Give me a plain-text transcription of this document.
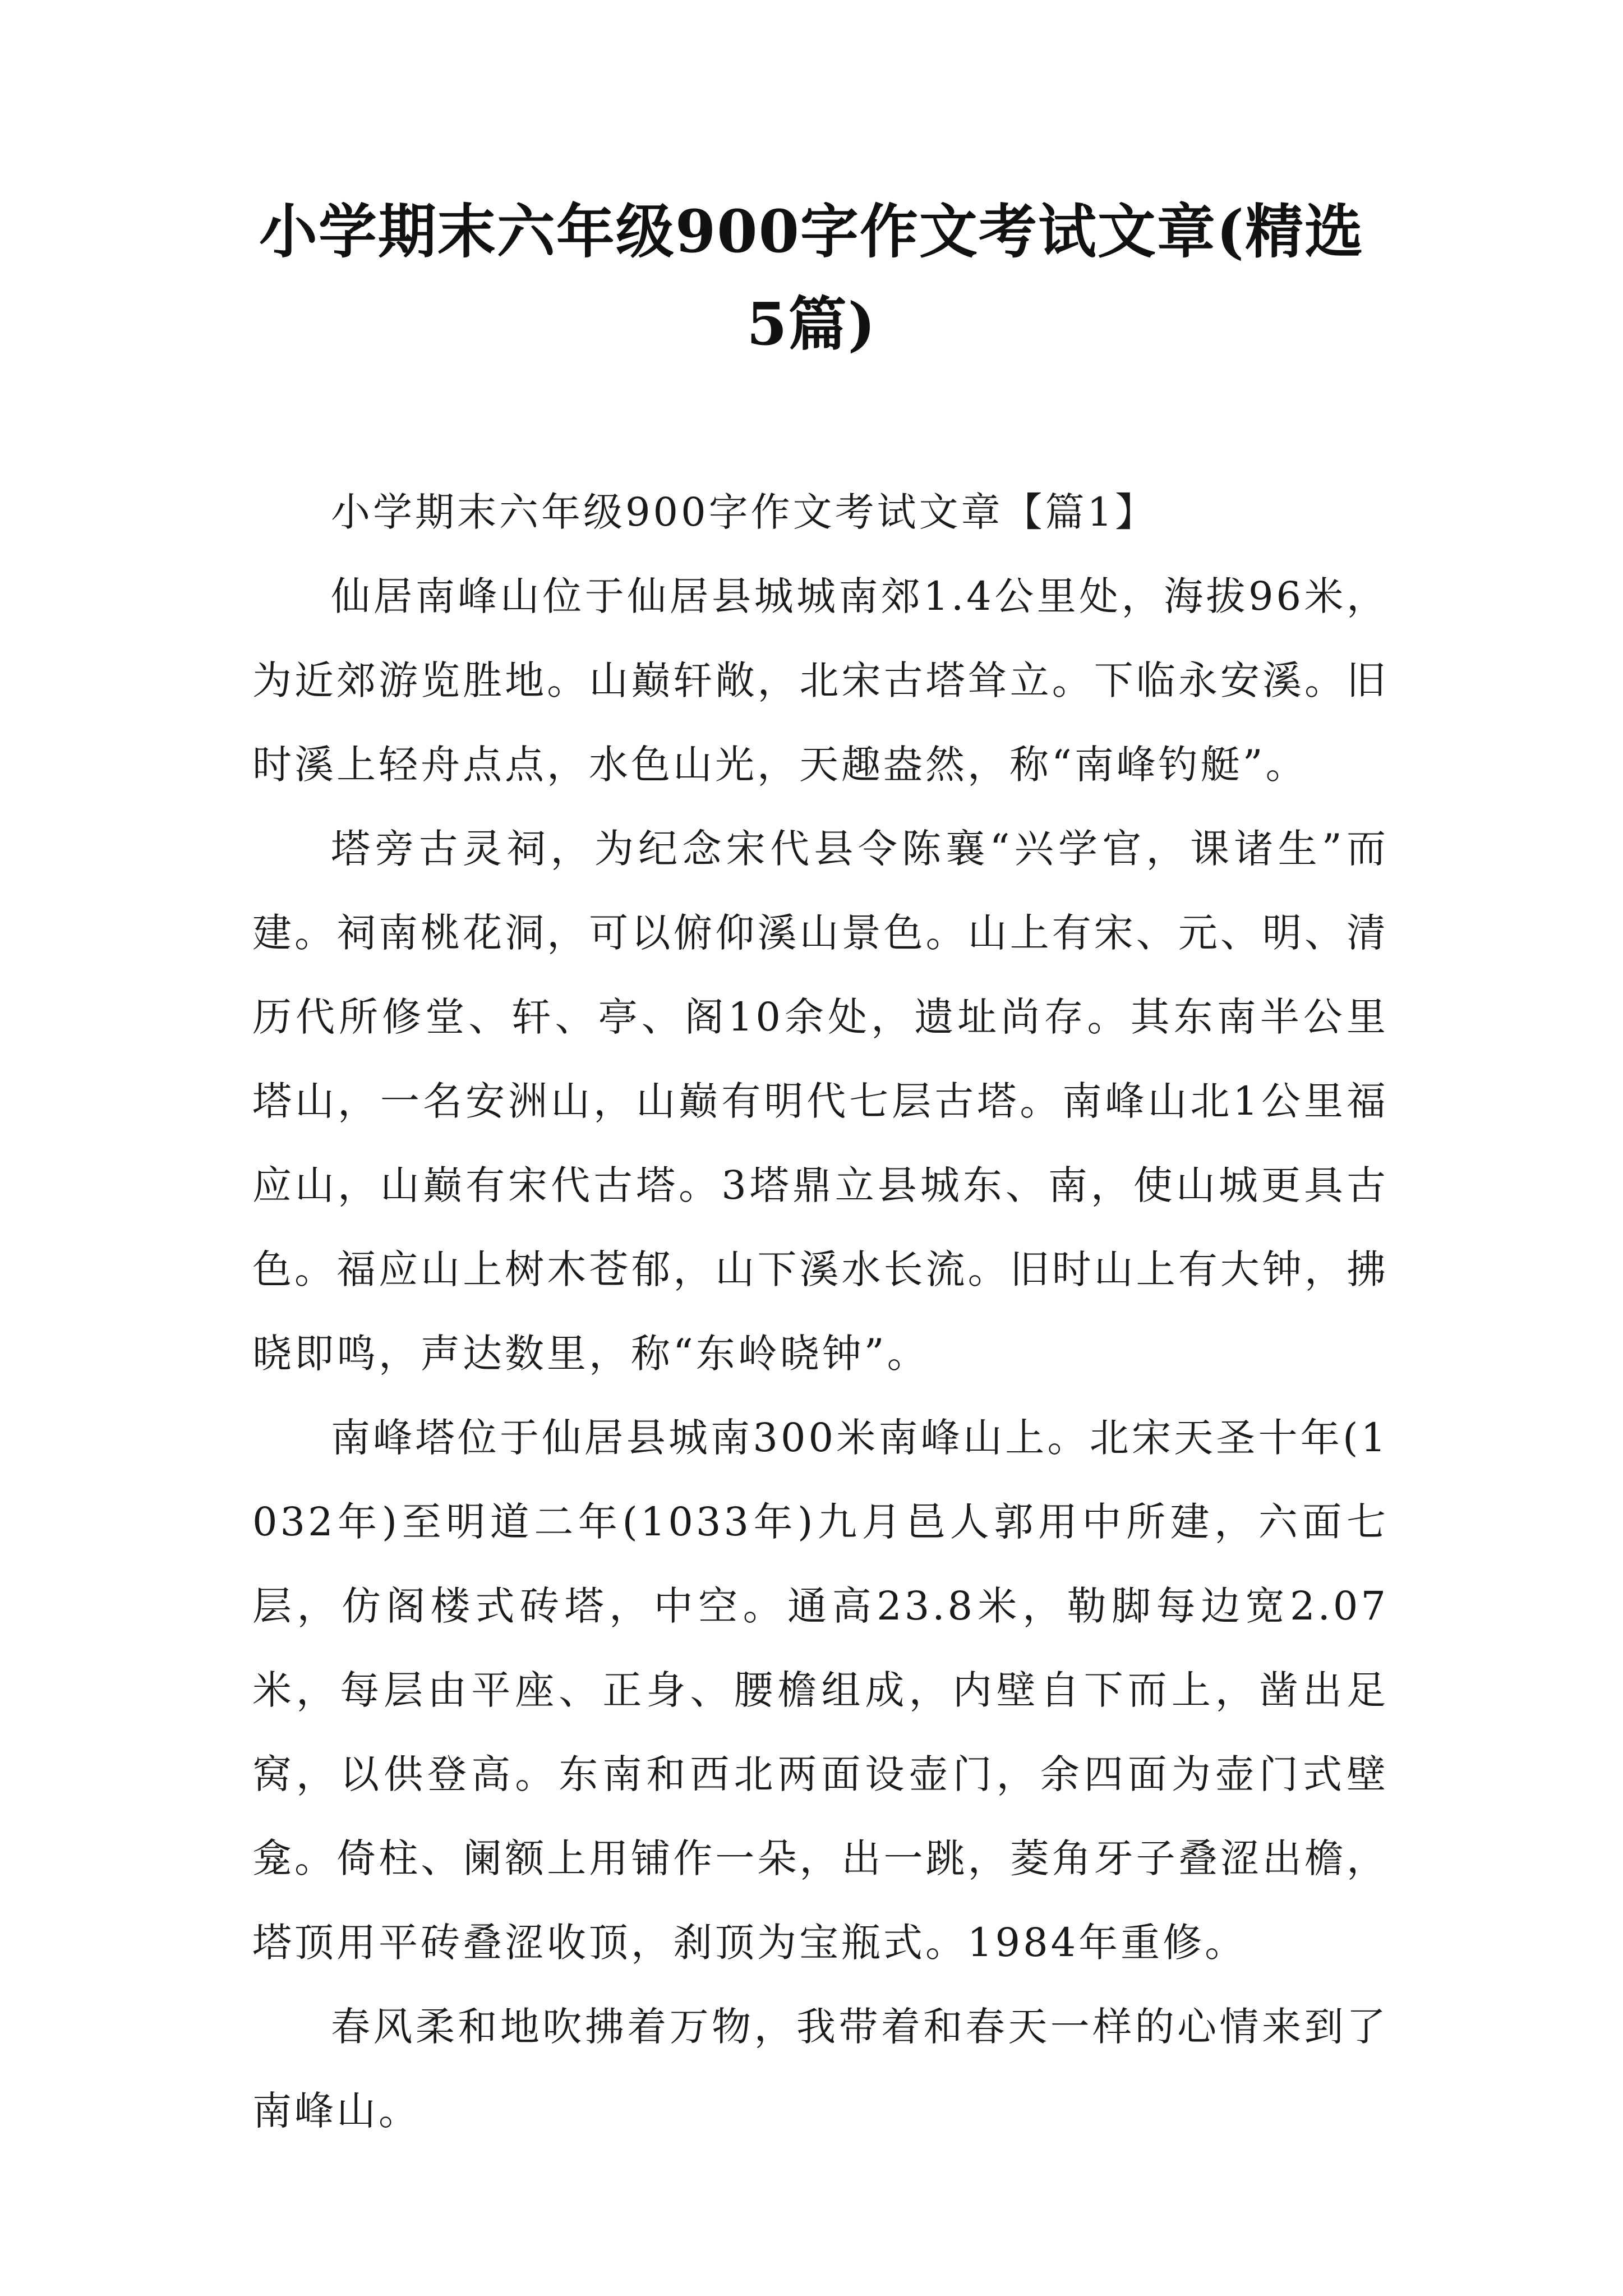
小学期末六年级900字作文考试文章(精选
5篇)

小学期末六年级900字作文考试文章【篇1】

仙居南峰山位于仙居县城城南郊1.4公里处，海拔96米，为近郊游览胜地。山巅轩敞，北宋古塔耸立。下临永安溪。旧时溪上轻舟点点，水色山光，天趣盎然，称“南峰钓艇”。

塔旁古灵祠，为纪念宋代县令陈襄“兴学官，课诸生”而建。祠南桃花洞，可以俯仰溪山景色。山上有宋、元、明、清历代所修堂、轩、亭、阁10余处，遗址尚存。其东南半公里塔山，一名安洲山，山巅有明代七层古塔。南峰山北1公里福应山，山巅有宋代古塔。3塔鼎立县城东、南，使山城更具古色。福应山上树木苍郁，山下溪水长流。旧时山上有大钟，拂晓即鸣，声达数里，称“东岭晓钟”。

南峰塔位于仙居县城南300米南峰山上。北宋天圣十年(1032年)至明道二年(1033年)九月邑人郭用中所建，六面七层，仿阁楼式砖塔，中空。通高23.8米，勒脚每边宽2.07米，每层由平座、正身、腰檐组成，内壁自下而上，凿出足窝，以供登高。东南和西北两面设壶门，余四面为壶门式壁龛。倚柱、阑额上用铺作一朵，出一跳，菱角牙子叠涩出檐，塔顶用平砖叠涩收顶，刹顶为宝瓶式。1984年重修。

春风柔和地吹拂着万物，我带着和春天一样的心情来到了南峰山。
